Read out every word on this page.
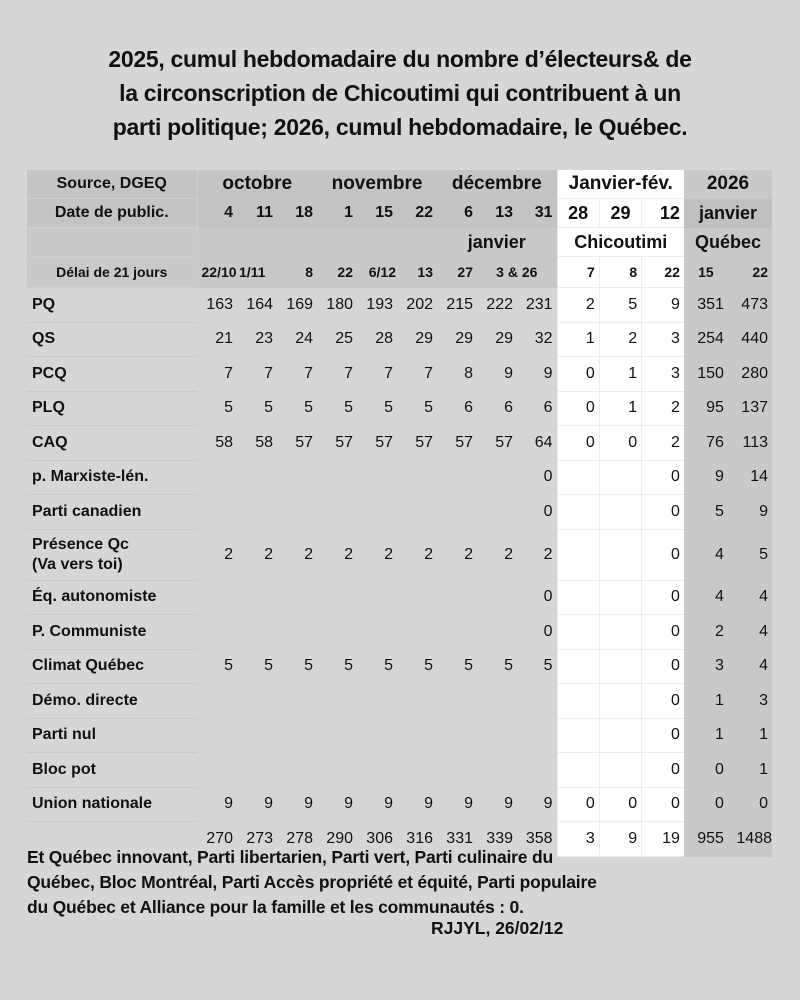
2025, cumul hebdomadaire du nombre d’électeurs& de
la circonscription de Chicoutimi qui contribuent à un
parti politique; 2026, cumul hebdomadaire, le Québec.
Source, DGEQ	octobre			novembre			décembre			Janvier-fév.			2026	
Date de public.	4	11	18	1	15	22	6	13	31	28	29	12	janvier	
							janvier			Chicoutimi			Québec	
Délai de 21 jours	22/10	1/11	8	22	6/12	13	27	3 & 26		7	8	22	15	22

PQ	163	164	169	180	193	202	215	222	231	2	5	9	351	473

QS	21	23	24	25	28	29	29	29	32	1	2	3	254	440

PCQ	7	7	7	7	7	7	8	9	9	0	1	3	150	280

PLQ	5	5	5	5	5	5	6	6	6	0	1	2	95	137

CAQ	58	58	57	57	57	57	57	57	64	0	0	2	76	113

p. Marxiste-lén.									0			0	9	14

Parti canadien									0			0	5	9

Présence Qc
(Va vers toi)	2	2	2	2	2	2	2	2	2			0	4	5

Éq. autonomiste									0			0	4	4

P. Communiste									0			0	2	4

Climat Québec	5	5	5	5	5	5	5	5	5			0	3	4

Démo. directe												0	1	3

Parti nul												0	1	1

Bloc pot												0	0	1

Union nationale	9	9	9	9	9	9	9	9	9	0	0	0	0	0
	270	273	278	290	306	316	331	339	358	3	9	19	955	1488
Et Québec innovant, Parti libertarien, Parti vert, Parti culinaire du
Québec, Bloc Montréal, Parti Accès propriété et équité, Parti populaire
du Québec et Alliance pour la famille et les communautés : 0.
RJJYL, 26/02/12
